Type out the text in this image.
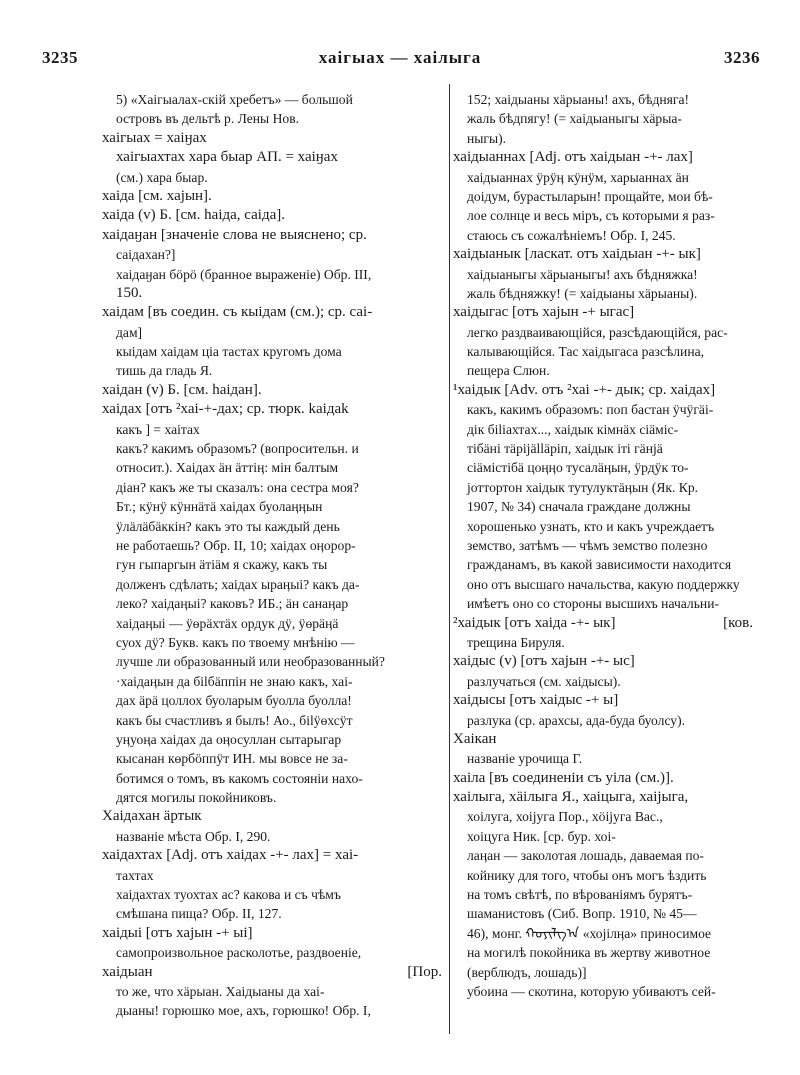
3235	хаігыах — хаілыга	3236
5) «Хаігыалах-скій хребетъ» — большой
островъ въ дельтѣ р. Лены Нов.
хаігыах = хаіӈах
хаігыахтах хара быар АП. = хаіӈах
(см.) хара быар.
хаіда [см. хаjын].
хаіда (v) Б. [см. һаіда, саіда].
хаідаӈан [значеніе слова не выяснено; ср.
саідахан?]
хаідаӈан бӧрӧ (бранное выраженіе) Обр. III,
150.
хаідам [въ соедин. съ кыідам (см.); ср. саі-
дам]
кыідам хаідам ціа тастах кругомъ дома
тишь да гладь Я.
хаідан (v) Б. [см. һаідан].
хаідах [отъ ²хаі-+-дах; ср. тюрк. kaiдak
какъ ] = хаітах
какъ? какимъ образомъ? (вопросительн. и
относит.). Хаідах ӓн ӓттіӊ: мін балтым
діан? какъ же ты сказалъ: она сестра моя?
Бт.; кӱнӱ кӱннӓтӓ хаідах буолаӊӊын
ӱлӓлӓбӓккін? какъ это ты каждый день
не работаешь? Обр. II, 10; хаідах оӊорор-
гун гыпаргын ӓтіӓм я скажу, какъ ты
долженъ сдѣлать; хаідах ырaӊыі? какъ да-
леко? хаідаӊыі? каковъ? ИБ.; ӓн санаӊар
хаідаӊыі — ӱөрӓхтӓх ордук дӱ, ӱөрӓӊӓ
суох дӱ? Букв. какъ по твоему мнѣнію —
лучше ли образованный или необразованный?
·хаідаӊын да біlбӓппін не знаю какъ, хаі-
дах ӓрӓ цоллох буоларым буолла буолла!
какъ бы счастливъ я былъ! Ао., біlӱөхсӱт
уӊуоӊа хаідах да оӊосуллан сытарыгар
кысанан көрбӧппӱт ИН. мы вовсе не за-
ботимся о томъ, въ какомъ состояніи нахо-
дятся могилы покойниковъ.
Хаідахан ӓртык
названіе мѣста Обр. I, 290.
хаідахтах [Adj. отъ хаідах -+- лах] = хаі-
тахтах
хаідахтах туохтах ас? какова и съ чѣмъ
смѣшана пища? Обр. II, 127.
хаідыі [отъ хаjын -+ ыі]
самопроизвольное расколотье, раздвоеніе,
хаідыан	[Пор.
то же, что хӓрыан. Хаідыаны да хаі-
дыаны! горюшко мое, ахъ, горюшко! Обр. I,
152; хаідыаны хӓрыаны! ахъ, бѣдняга!
жаль бѣдпягу! (= хаідыаныгы хӓрыа-
ныгы).
хаідыаннах [Adj. отъ хаідыан -+- лах]
хаідыаннах ӱрӱӊ кӱнӱм, харыаннах ӓн
доідум, бурастыларын! прощайте, мои бѣ-
лое солнце и весь міръ, съ которыми я раз-
стаюсь съ сожалѣніемъ! Обр. I, 245.
хаідыанык [ласкат. отъ хаідыан -+- ык]
хаідыаныгы хӓрыаныгы! ахъ бѣдняжка!
жаль бѣдняжку! (= хаідыаны хӓрыаны).
хаідыгас [отъ хаjын -+ ыгас]
легко раздваивающійся, разсѣдающійся, рас-
калывающійся. Тас хаідыгаса разсѣлина,
пещера Слюн.
¹хаідык [Adv. отъ ²хаі -+- дык; ср. хаідах]
какъ, какимъ образомъ: поп бастан ӱчӱгӓі-
дік біlіахтах..., хаідык кімнӓх сіӓміс-
тібӓні тӓріjӓllӓріп, хаідык іті гӓнjӓ
сіӓмістібӓ цоӊӊо тусалӓӊын, ӱрдӱк то-
jоттортон хаідык тутулуктӓӊын (Як. Кр.
1907, № 34) сначала граждане должны
хорошенько узнать, кто и какъ учреждаетъ
земство, затѣмъ — чѣмъ земство полезно
гражданамъ, въ какой зависимости находится
оно отъ высшаго начальства, какую поддержку
имѣетъ оно со стороны высшихъ начальни-
²хаідык [отъ хаіда -+- ык]	[ков.
трещина Бируля.
хаідыс (v) [отъ хаjын -+- ыс]
разлучаться (см. хаідысы).
хаідысы [отъ хаідыс -+ ы]
разлука (ср. арахсы, ада-буда буолсу).
Хаікан
названіе урочища Г.
хаіла [въ соединеніи съ уіла (см.)].
хаілыга, хӓілыга Я., хаіцыга, хаіjыга,
хоілуга, хоіjуга Пор., хӧіjуга Вас.,
хоіцуга Ник. [ср. бур. хоі-
лаӊан — заколотая лошадь, даваемая по-
койнику для того, чтобы онъ могъ ѣздить
на томъ свѣтѣ, по вѣрованіямъ бурятъ-
шаманистовъ (Сиб. Вопр. 1910, № 45—
46), монг. ᠬᠣᠶᠢᠯᠭ᠎ᠠ «хоjілӊа» приносимое
на могилѣ покойника въ жертву животное
(верблюдъ, лошадь)]
убоина — скотина, которую убиваютъ сей-
